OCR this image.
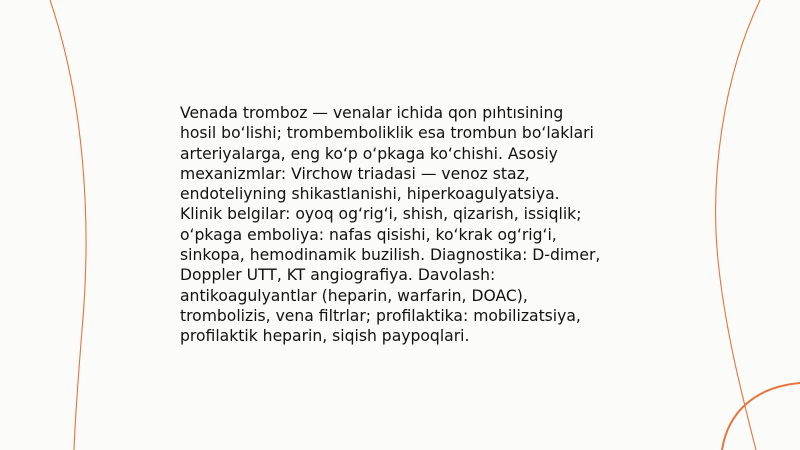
Venada tromboz — venalar ichida qon pıhtısining
hosil bo‘lishi; trombemboliklik esa trombun bo‘laklari
arteriyalarga, eng ko‘p o‘pkaga ko‘chishi. Asosiy
mexanizmlar: Virchow triadasi — venoz staz,
endoteliyning shikastlanishi, hiperkoagulyatsiya.
Klinik belgilar: oyoq og‘rig‘i, shish, qizarish, issiqlik;
o‘pkaga emboliya: nafas qisishi, ko‘krak og‘rig‘i,
sinkopa, hemodinamik buzilish. Diagnostika: D-dimer,
Doppler UTT, KT angiografiya. Davolash:
antikoagulyantlar (heparin, warfarin, DOAC),
trombolizis, vena filtrlar; profilaktika: mobilizatsiya,
profilaktik heparin, siqish paypoqlari.
